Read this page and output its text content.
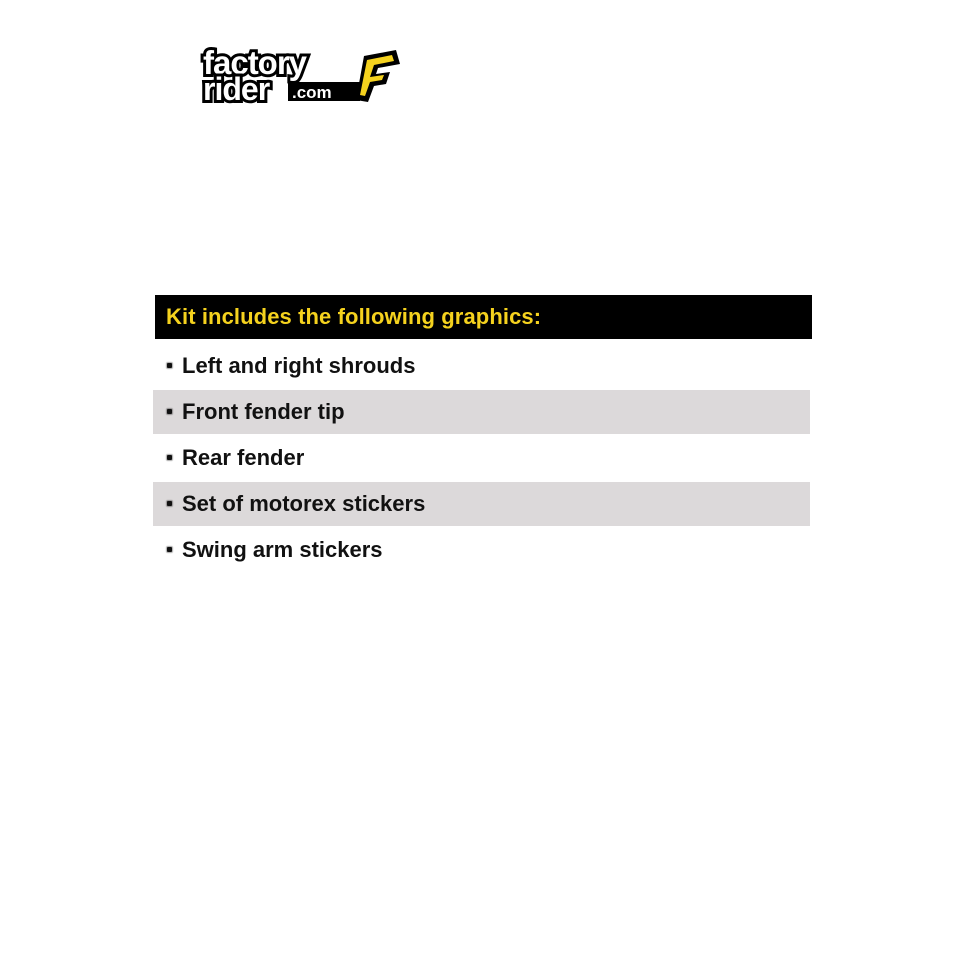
factory
rider .com
Kit includes the following graphics:
Left and right shrouds
Front fender tip
Rear fender
Set of motorex stickers
Swing arm stickers
